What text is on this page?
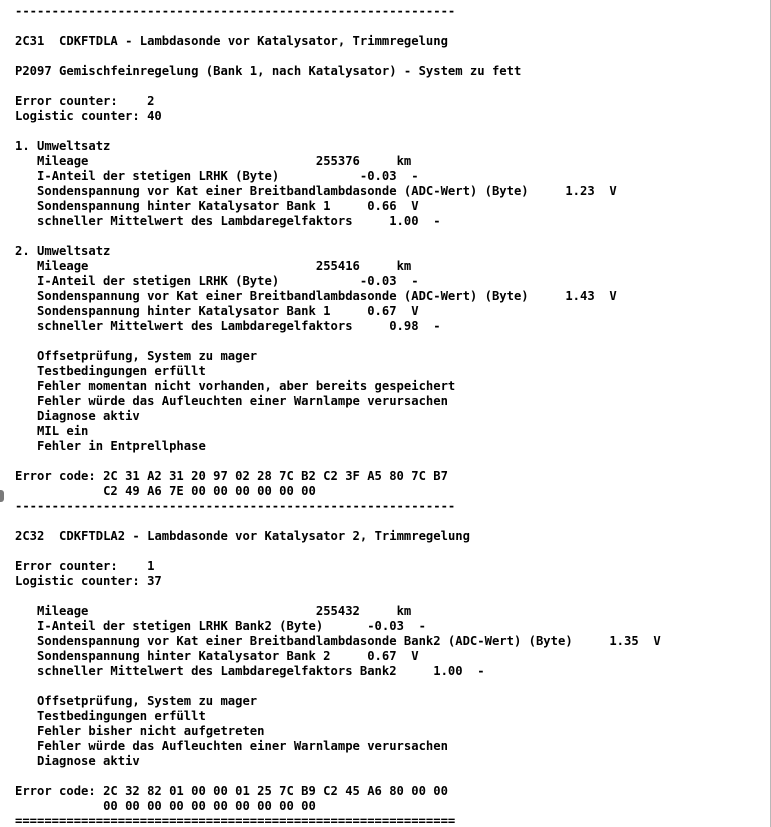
------------------------------------------------------------

2C31 CDKFTDLA - Lambdasonde vor Katalysator, Trimmregelung

P2097 Gemischfeinregelung (Bank 1, nach Katalysator) - System zu fett

Error counter: 2
Logistic counter: 40

1. Umweltsatz
Mileage	255376	km
I-Anteil der stetigen LRHK (Byte)	-0.03 -
Sondenspannung vor Kat einer Breitbandlambdasonde (ADC-Wert) (Byte)	1.23 V
Sondenspannung hinter Katalysator Bank 1	0.66 V
schneller Mittelwert des Lambdaregelfaktors	1.00 -

2. Umweltsatz
Mileage	255416	km
I-Anteil der stetigen LRHK (Byte)	-0.03 -
Sondenspannung vor Kat einer Breitbandlambdasonde (ADC-Wert) (Byte)	1.43 V
Sondenspannung hinter Katalysator Bank 1	0.67 V
schneller Mittelwert des Lambdaregelfaktors	0.98 -

Offsetprüfung, System zu mager
Testbedingungen erfüllt
Fehler momentan nicht vorhanden, aber bereits gespeichert
Fehler würde das Aufleuchten einer Warnlampe verursachen
Diagnose aktiv
MIL ein
Fehler in Entprellphase

Error code: 2C 31 A2 31 20 97 02 28 7C B2 C2 3F A5 80 7C B7
C2 49 A6 7E 00 00 00 00 00 00
------------------------------------------------------------

2C32 CDKFTDLA2 - Lambdasonde vor Katalysator 2, Trimmregelung

Error counter: 1
Logistic counter: 37

Mileage	255432	km
I-Anteil der stetigen LRHK Bank2 (Byte)	-0.03 -
Sondenspannung vor Kat einer Breitbandlambdasonde Bank2 (ADC-Wert) (Byte)	1.35 V
Sondenspannung hinter Katalysator Bank 2	0.67 V
schneller Mittelwert des Lambdaregelfaktors Bank2	1.00 -

Offsetprüfung, System zu mager
Testbedingungen erfüllt
Fehler bisher nicht aufgetreten
Fehler würde das Aufleuchten einer Warnlampe verursachen
Diagnose aktiv

Error code: 2C 32 82 01 00 00 01 25 7C B9 C2 45 A6 80 00 00
00 00 00 00 00 00 00 00 00 00
============================================================
